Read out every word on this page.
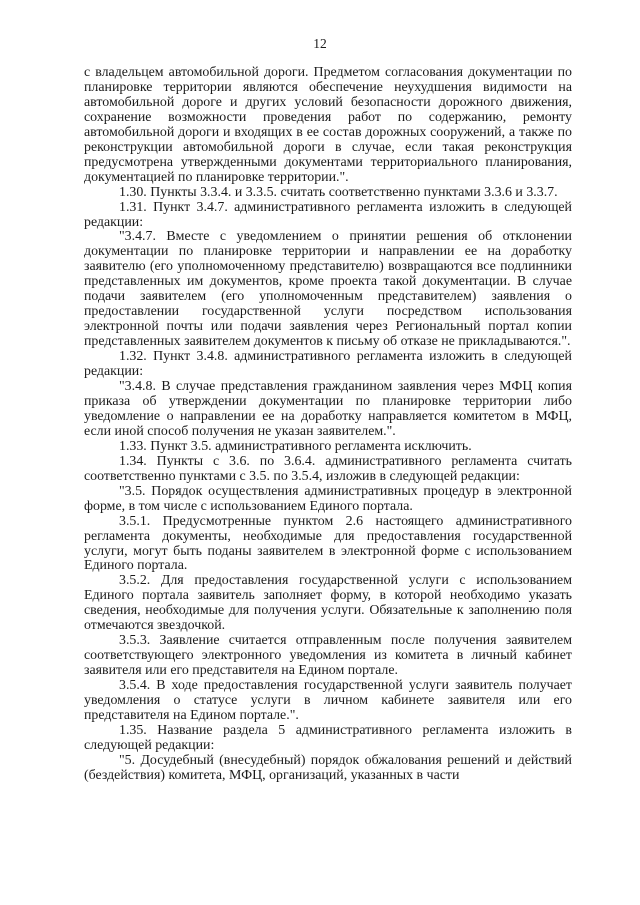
12

с владельцем автомобильной дороги. Предметом согласования документации по планировке территории являются обеспечение неухудшения видимости на автомобильной дороге и других условий безопасности дорожного движения, сохранение возможности проведения работ по содержанию, ремонту автомобильной дороги и входящих в ее состав дорожных сооружений, а также по реконструкции автомобильной дороги в случае, если такая реконструкция предусмотрена утвержденными документами территориального планирования, документацией по планировке территории.".

1.30. Пункты 3.3.4. и 3.3.5. считать соответственно пунктами 3.3.6 и 3.3.7.

1.31. Пункт 3.4.7. административного регламента изложить в следующей редакции:

"3.4.7. Вместе с уведомлением о принятии решения об отклонении документации по планировке территории и направлении ее на доработку заявителю (его уполномоченному представителю) возвращаются все подлинники представленных им документов, кроме проекта такой документации. В случае подачи заявителем (его уполномоченным представителем) заявления о предоставлении государственной услуги посредством использования электронной почты или подачи заявления через Региональный портал копии представленных заявителем документов к письму об отказе не прикладываются.".

1.32. Пункт 3.4.8. административного регламента изложить в следующей редакции:

"3.4.8. В случае представления гражданином заявления через МФЦ копия приказа об утверждении документации по планировке территории либо уведомление о направлении ее на доработку направляется комитетом в МФЦ, если иной способ получения не указан заявителем.".

1.33. Пункт 3.5. административного регламента исключить.

1.34. Пункты с 3.6. по 3.6.4. административного регламента считать соответственно пунктами с 3.5. по 3.5.4, изложив в следующей редакции:

"3.5. Порядок осуществления административных процедур в электронной форме, в том числе с использованием Единого портала.

3.5.1. Предусмотренные пунктом 2.6 настоящего административного регламента документы, необходимые для предоставления государственной услуги, могут быть поданы заявителем в электронной форме с использованием Единого портала.

3.5.2. Для предоставления государственной услуги с использованием Единого портала заявитель заполняет форму, в которой необходимо указать сведения, необходимые для получения услуги. Обязательные к заполнению поля отмечаются звездочкой.

3.5.3. Заявление считается отправленным после получения заявителем соответствующего электронного уведомления из комитета в личный кабинет заявителя или его представителя на Едином портале.

3.5.4. В ходе предоставления государственной услуги заявитель получает уведомления о статусе услуги в личном кабинете заявителя или его представителя на Едином портале.".

1.35. Название раздела 5 административного регламента изложить в следующей редакции:

"5. Досудебный (внесудебный) порядок обжалования решений и действий (бездействия) комитета, МФЦ, организаций, указанных в части
